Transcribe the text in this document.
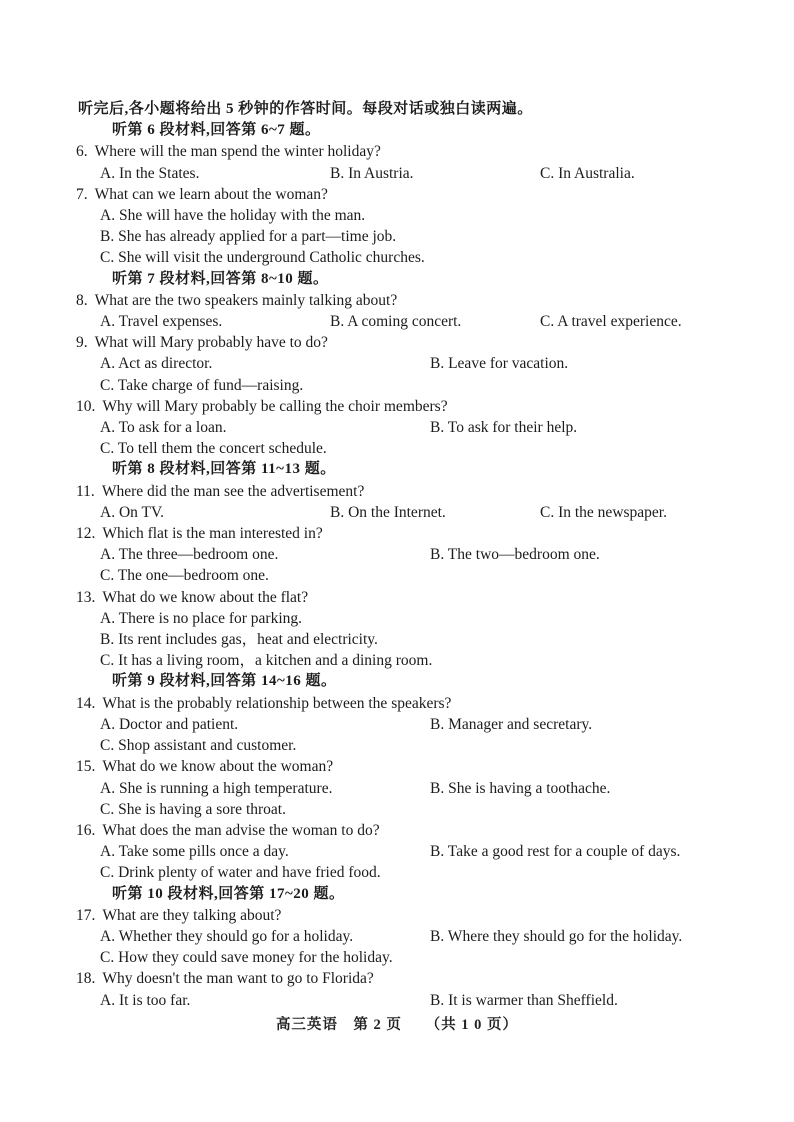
听完后,各小题将给出 5 秒钟的作答时间。每段对话或独白读两遍。
听第 6 段材料,回答第 6~7 题。
6. Where will the man spend the winter holiday?
A. In the States.	B. In Austria.	C. In Australia.
7. What can we learn about the woman?
A. She will have the holiday with the man.
B. She has already applied for a part—time job.
C. She will visit the underground Catholic churches.
听第 7 段材料,回答第 8~10 题。
8. What are the two speakers mainly talking about?
A. Travel expenses.	B. A coming concert.	C. A travel experience.
9. What will Mary probably have to do?
A. Act as director.	B. Leave for vacation.
C. Take charge of fund—raising.
10. Why will Mary probably be calling the choir members?
A. To ask for a loan.	B. To ask for their help.
C. To tell them the concert schedule.
听第 8 段材料,回答第 11~13 题。
11. Where did the man see the advertisement?
A. On TV.	B. On the Internet.	C. In the newspaper.
12. Which flat is the man interested in?
A. The three—bedroom one.	B. The two—bedroom one.
C. The one—bedroom one.
13. What do we know about the flat?
A. There is no place for parking.
B. Its rent includes gas，heat and electricity.
C. It has a living room，a kitchen and a dining room.
听第 9 段材料,回答第 14~16 题。
14. What is the probably relationship between the speakers?
A. Doctor and patient.	B. Manager and secretary.
C. Shop assistant and customer.
15. What do we know about the woman?
A. She is running a high temperature.	B. She is having a toothache.
C. She is having a sore throat.
16. What does the man advise the woman to do?
A. Take some pills once a day.	B. Take a good rest for a couple of days.
C. Drink plenty of water and have fried food.
听第 10 段材料,回答第 17~20 题。
17. What are they talking about?
A. Whether they should go for a holiday.	B. Where they should go for the holiday.
C. How they could save money for the holiday.
18. Why doesn't the man want to go to Florida?
A. It is too far.	B. It is warmer than Sheffield.
高三英语　第 2 页　　（共 1 0 页）
